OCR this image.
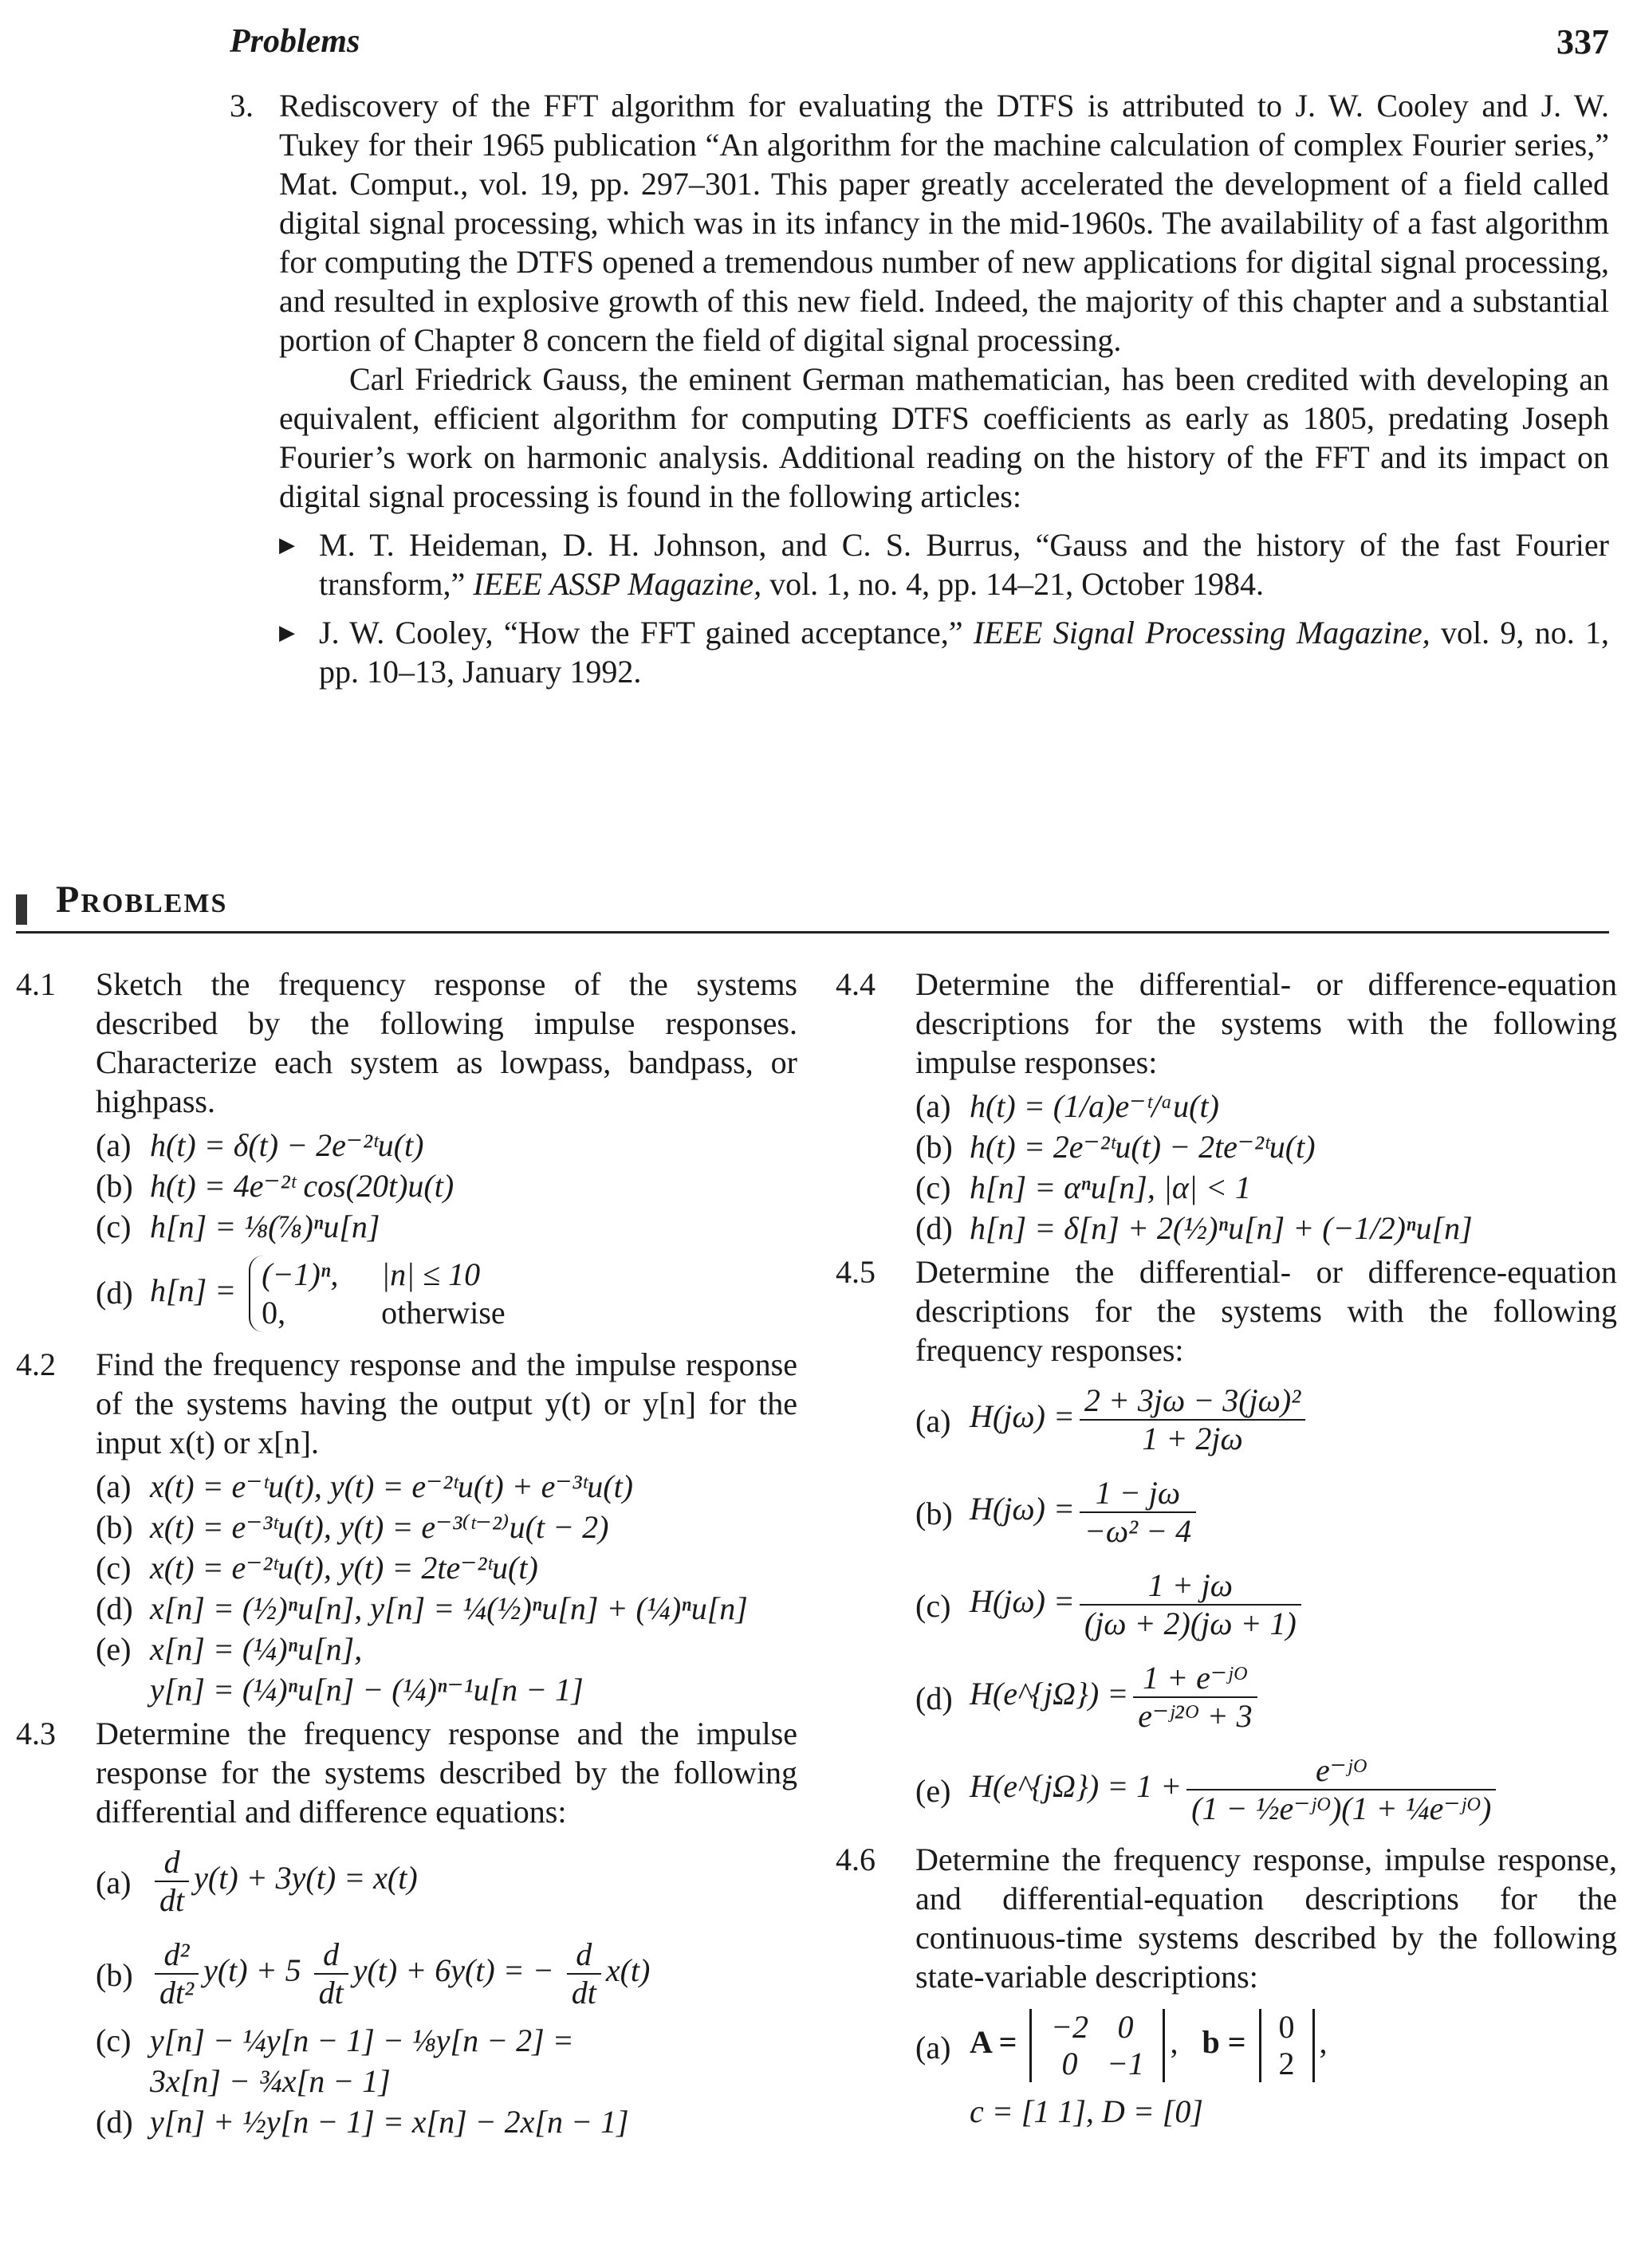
Problems	337

3. Rediscovery of the FFT algorithm for evaluating the DTFS is attributed to J. W. Cooley and J. W. Tukey for their 1965 publication “An algorithm for the machine calculation of complex Fourier series,” Mat. Comput., vol. 19, pp. 297–301. This paper greatly accelerated the development of a field called digital signal processing, which was in its infancy in the mid-1960s. The availability of a fast algorithm for computing the DTFS opened a tremendous number of new applications for digital signal processing, and resulted in explosive growth of this new field. Indeed, the majority of this chapter and a substantial portion of Chapter 8 concern the field of digital signal processing.

Carl Friedrick Gauss, the eminent German mathematician, has been credited with developing an equivalent, efficient algorithm for computing DTFS coefficients as early as 1805, predating Joseph Fourier’s work on harmonic analysis. Additional reading on the history of the FFT and its impact on digital signal processing is found in the following articles:

▶ M. T. Heideman, D. H. Johnson, and C. S. Burrus, “Gauss and the history of the fast Fourier transform,” IEEE ASSP Magazine, vol. 1, no. 4, pp. 14–21, October 1984.
▶ J. W. Cooley, “How the FFT gained acceptance,” IEEE Signal Processing Magazine, vol. 9, no. 1, pp. 10–13, January 1992.
Problems
4.1 Sketch the frequency response of the systems described by the following impulse responses. Characterize each system as lowpass, bandpass, or highpass.

(a) h(t) = δ(t) − 2e⁻²ᵗu(t)
(b) h(t) = 4e⁻²ᵗ cos(20t)u(t)
(c) h[n] = ⅛(⅞)ⁿu[n]
(d) h[n] = (−1)ⁿ, |n| ≤ 10
0,	otherwise
4.2 Find the frequency response and the impulse response of the systems having the output y(t) or y[n] for the input x(t) or x[n].

(a) x(t) = e⁻ᵗu(t), y(t) = e⁻²ᵗu(t) + e⁻³ᵗu(t)
(b) x(t) = e⁻³ᵗu(t), y(t) = e⁻³⁽ᵗ⁻²⁾u(t − 2)
(c) x(t) = e⁻²ᵗu(t), y(t) = 2te⁻²ᵗu(t)
(d) x[n] = (½)ⁿu[n], y[n] = ¼(½)ⁿu[n] + (¼)ⁿu[n]
(e) x[n] = (¼)ⁿu[n],
y[n] = (¼)ⁿu[n] − (¼)ⁿ⁻¹u[n − 1]
4.3 Determine the frequency response and the impulse response for the systems described by the following differential and difference equations:

$(a) \frac{d}{dt} y(t) + 3y(t) = x(t)$
$(b) \frac{\text{d²}}{\text{dt²}} y(t) + 5 \frac{d}{dt} y(t) + 6y(t)$ = − $\frac{d}{dt} x(t)$
(c) y[n] − ¼y[n − 1] − ⅛y[n − 2] =
3x[n] − ¾x[n − 1]
(d) y[n] + ½y[n − 1] = x[n] − 2x[n − 1]
4.4 Determine the differential- or difference-equation descriptions for the systems with the following impulse responses:

(a) h(t) = (1/a)e⁻ᵗ/ᵃu(t)
(b) h(t) = 2e⁻²ᵗu(t) − 2te⁻²ᵗu(t)
(c) h[n] = αⁿu[n], |α| < 1
(d) h[n] = δ[n] + 2(½)ⁿu[n] + (−1/2)ⁿu[n]
4.5 Determine the differential- or difference-equation descriptions for the systems with the following frequency responses:

(a) $H(j\omega) = \frac{\text{2 + 3jω − 3(jω)²}}{1 + 2j\omega}$
(b) $H(j\omega) = \frac{1 - j\omega}{\text{−ω² − 4}}$
(c) $H(j\omega) = \frac{1 + j\omega}{(j\omega + 2)(j\omega + 1)}$
(d) H(e^{jΩ}) = $\frac{\text{1 + e⁻ʲᴼ}}{\text{e⁻ʲ²ᴼ + 3}}$
(e) H(e^{jΩ}) = $1 + \frac{\text{e⁻ʲᴼ}}{\text{(1 − ½e⁻ʲᴼ)(1 + ¼e⁻ʲᴼ)}}$
4.6 Determine the frequency response, impulse response, and differential-equation descriptions for the continuous-time systems described by the following state-variable descriptions:

(a) A = −2 0
0 −1
,   b = 0
2
,
c = [1 1], D = [0]
